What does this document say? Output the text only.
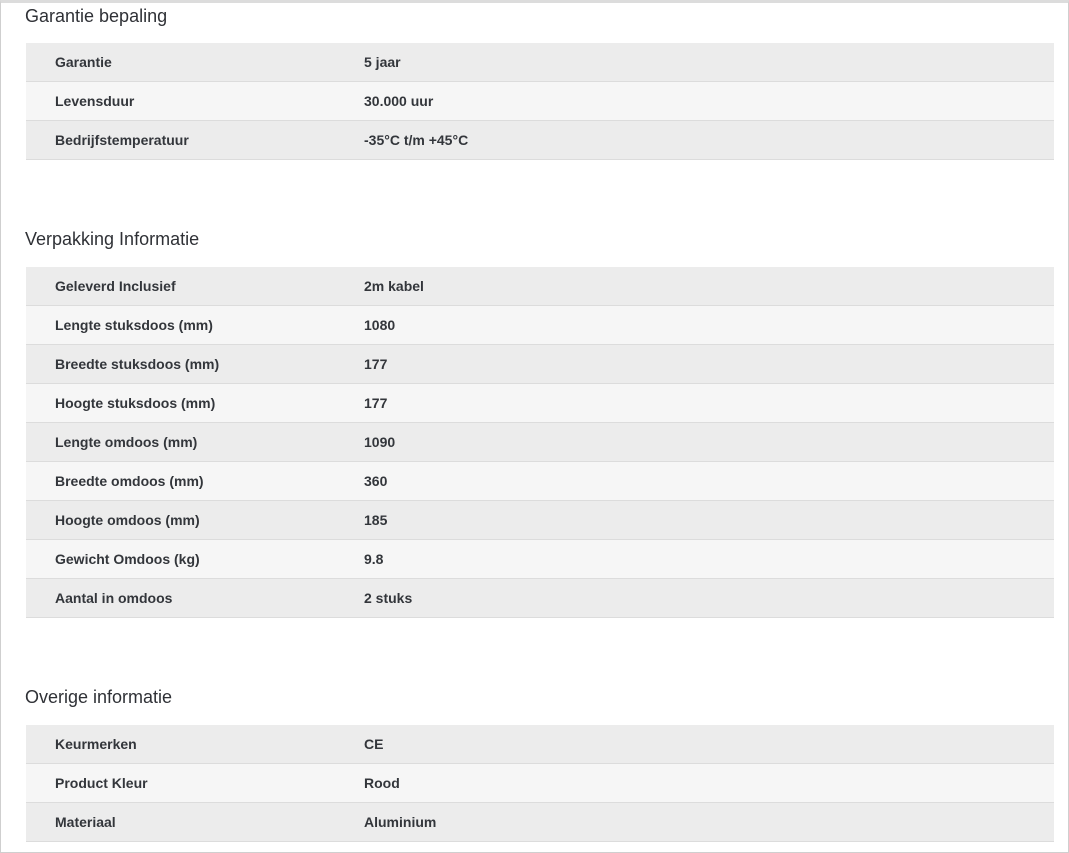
Garantie bepaling
Garantie	5 jaar
Levensduur	30.000 uur
Bedrijfstemperatuur	-35°C t/m +45°C
Verpakking Informatie
Geleverd Inclusief	2m kabel
Lengte stuksdoos (mm)	1080
Breedte stuksdoos (mm)	177
Hoogte stuksdoos (mm)	177
Lengte omdoos (mm)	1090
Breedte omdoos (mm)	360
Hoogte omdoos (mm)	185
Gewicht Omdoos (kg)	9.8
Aantal in omdoos	2 stuks
Overige informatie
Keurmerken	CE
Product Kleur	Rood
Materiaal	Aluminium
